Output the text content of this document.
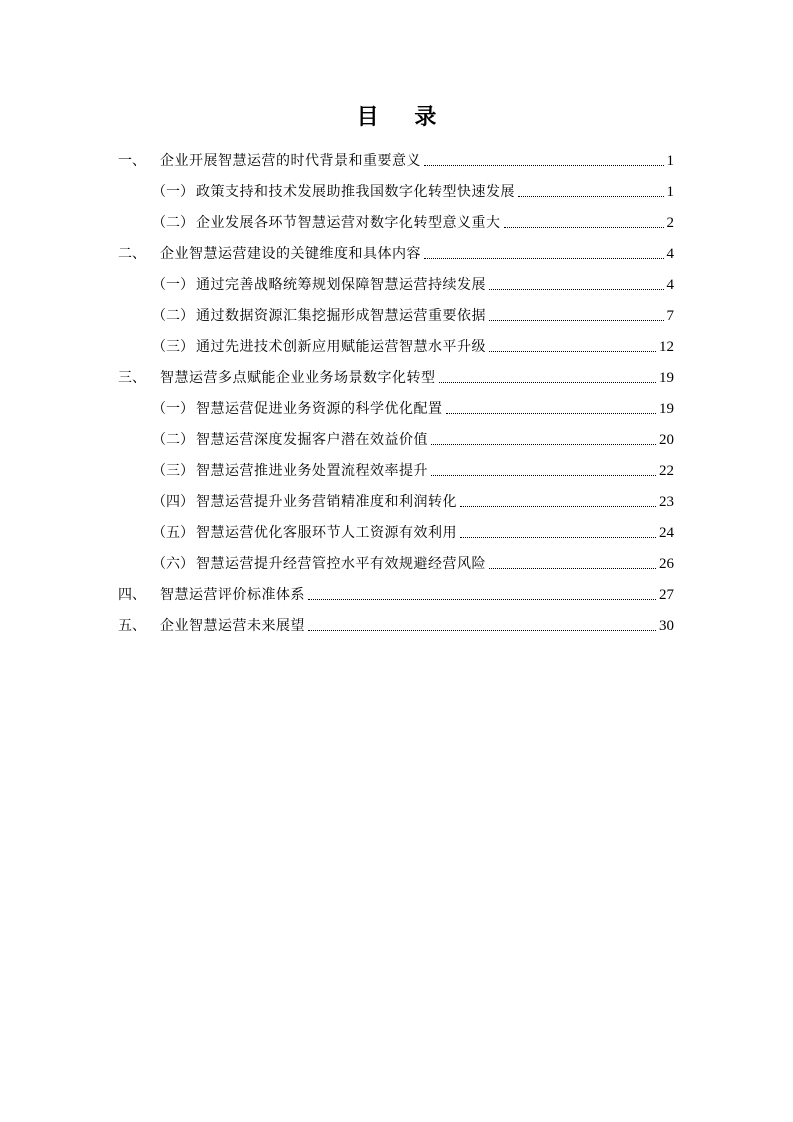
目 录
一、	企业开展智慧运营的时代背景和重要意义	1
（一） 政策支持和技术发展助推我国数字化转型快速发展	1
（二） 企业发展各环节智慧运营对数字化转型意义重大	2
二、	企业智慧运营建设的关键维度和具体内容	4
（一） 通过完善战略统筹规划保障智慧运营持续发展	4
（二） 通过数据资源汇集挖掘形成智慧运营重要依据	7
（三） 通过先进技术创新应用赋能运营智慧水平升级	12
三、	智慧运营多点赋能企业业务场景数字化转型	19
（一） 智慧运营促进业务资源的科学优化配置	19
（二） 智慧运营深度发掘客户潜在效益价值	20
（三） 智慧运营推进业务处置流程效率提升	22
（四） 智慧运营提升业务营销精准度和利润转化	23
（五） 智慧运营优化客服环节人工资源有效利用	24
（六） 智慧运营提升经营管控水平有效规避经营风险	26
四、	智慧运营评价标准体系	27
五、	企业智慧运营未来展望	30
